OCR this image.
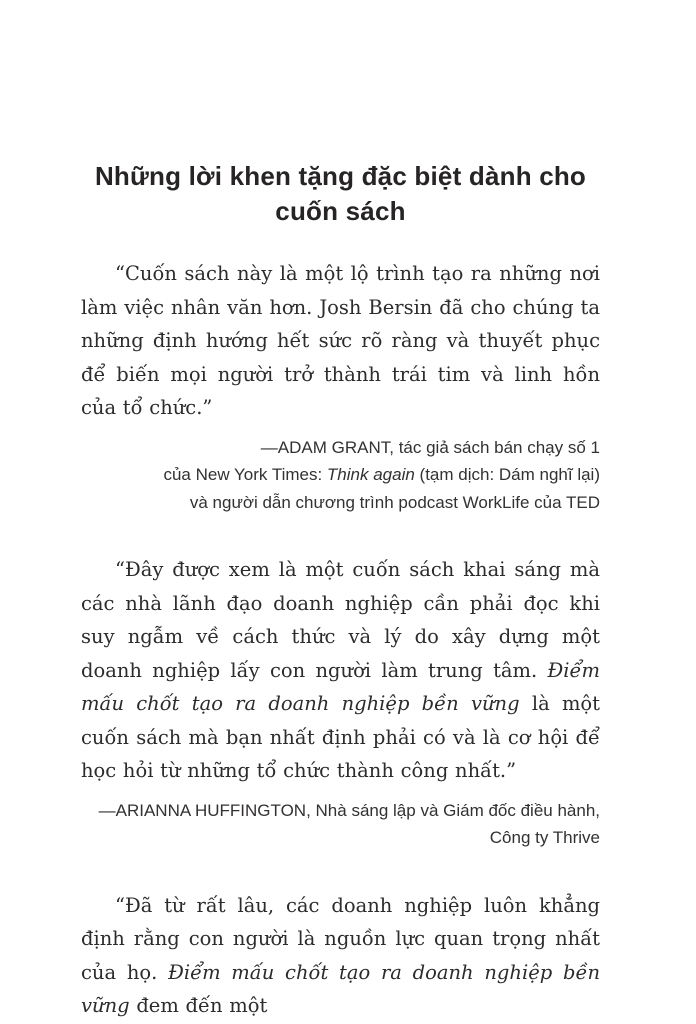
Những lời khen tặng đặc biệt dành cho
cuốn sách

“Cuốn sách này là một lộ trình tạo ra những nơi làm việc nhân văn hơn. Josh Bersin đã cho chúng ta những định hướng hết sức rõ ràng và thuyết phục để biến mọi người trở thành trái tim và linh hồn của tổ chức.”

—ADAM GRANT, tác giả sách bán chạy số 1
của New York Times: Think again (tạm dịch: Dám nghĩ lại)
và người dẫn chương trình podcast WorkLife của TED

“Đây được xem là một cuốn sách khai sáng mà các nhà lãnh đạo doanh nghiệp cần phải đọc khi suy ngẫm về cách thức và lý do xây dựng một doanh nghiệp lấy con người làm trung tâm. Điểm mấu chốt tạo ra doanh nghiệp bền vững là một cuốn sách mà bạn nhất định phải có và là cơ hội để học hỏi từ những tổ chức thành công nhất.”

—ARIANNA HUFFINGTON, Nhà sáng lập và Giám đốc điều hành,
Công ty Thrive

“Đã từ rất lâu, các doanh nghiệp luôn khẳng định rằng con người là nguồn lực quan trọng nhất của họ. Điểm mấu chốt tạo ra doanh nghiệp bền vững đem đến một
